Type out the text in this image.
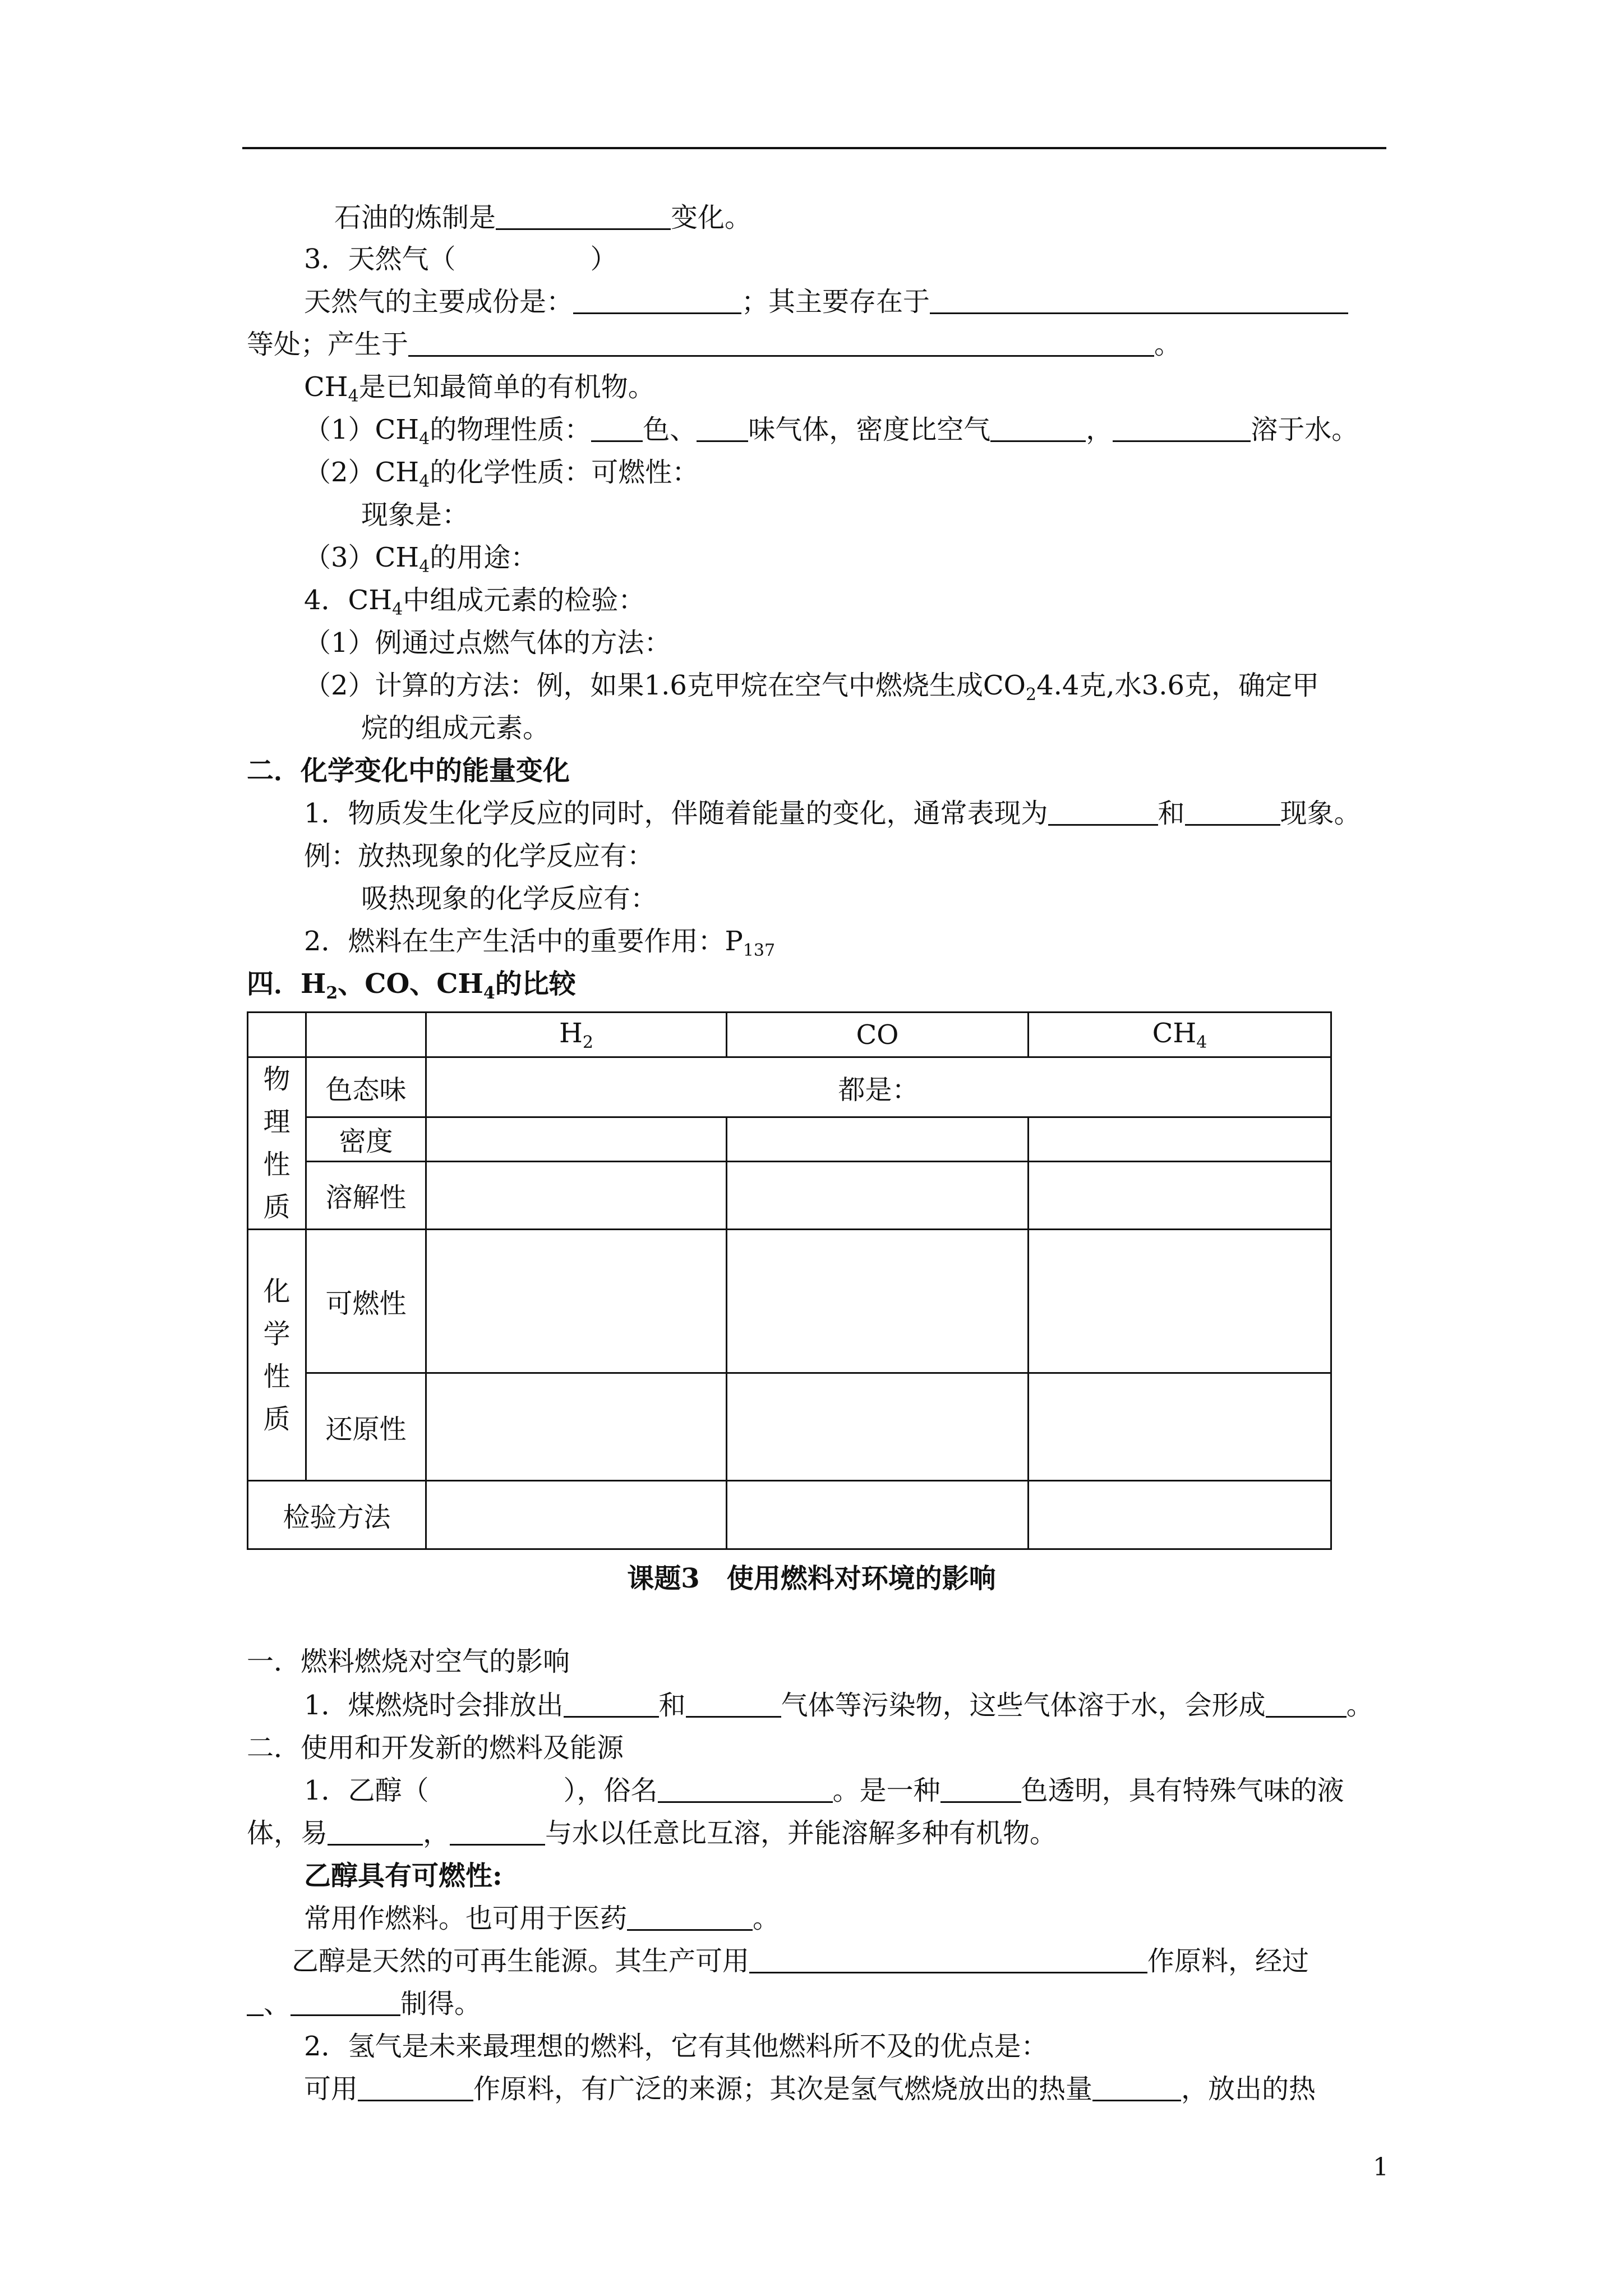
石油的炼制是	变化。
3．天然气（	）
天然气的主要成份是：	；其主要存在于
等处；产生于	。
$CH_4$是已知最简单的有机物。
$(1)CH_4$的物理性质： 色、 味气体，密度比空气	，	溶于水。
$(2)CH_4$的化学性质：可燃性：
现象是：
$(3)CH_4$的用途：
4．$CH_4$中组成元素的检验：
（1）例通过点燃气体的方法：
（2）计算的方法：例，如果1.6克甲烷在空气中燃烧生成$CO_24.4$克,水3.6克，确定甲
烷的组成元素。
二．化学变化中的能量变化
1．物质发生化学反应的同时，伴随着能量的变化，通常表现为	和	现象。
例：放热现象的化学反应有：
吸热现象的化学反应有：
2．燃料在生产生活中的重要作用：$P_{137}$
四．$H_2$、CO、$CH_4$的比较
		$H_2$	CO	$CH_4$
物理性质	色态味	都是：		
	密度			
	溶解性			
化学性质	可燃性			
	还原性			
检验方法				
课题3　使用燃料对环境的影响
一．燃料燃烧对空气的影响
1．煤燃烧时会排放出	和	气体等污染物，这些气体溶于水，会形成	。
二．使用和开发新的燃料及能源
1．乙醇（	），俗名	。是一种	色透明，具有特殊气味的液
体，易	，	与水以任意比互溶，并能溶解多种有机物。
乙醇具有可燃性:
常用作燃料。也可用于医药	。
乙醇是天然的可再生能源。其生产可用	作原料，经过
、	制得。
2．氢气是未来最理想的燃料，它有其他燃料所不及的优点是：
可用	作原料，有广泛的来源；其次是氢气燃烧放出的热量	，放出的热
1
